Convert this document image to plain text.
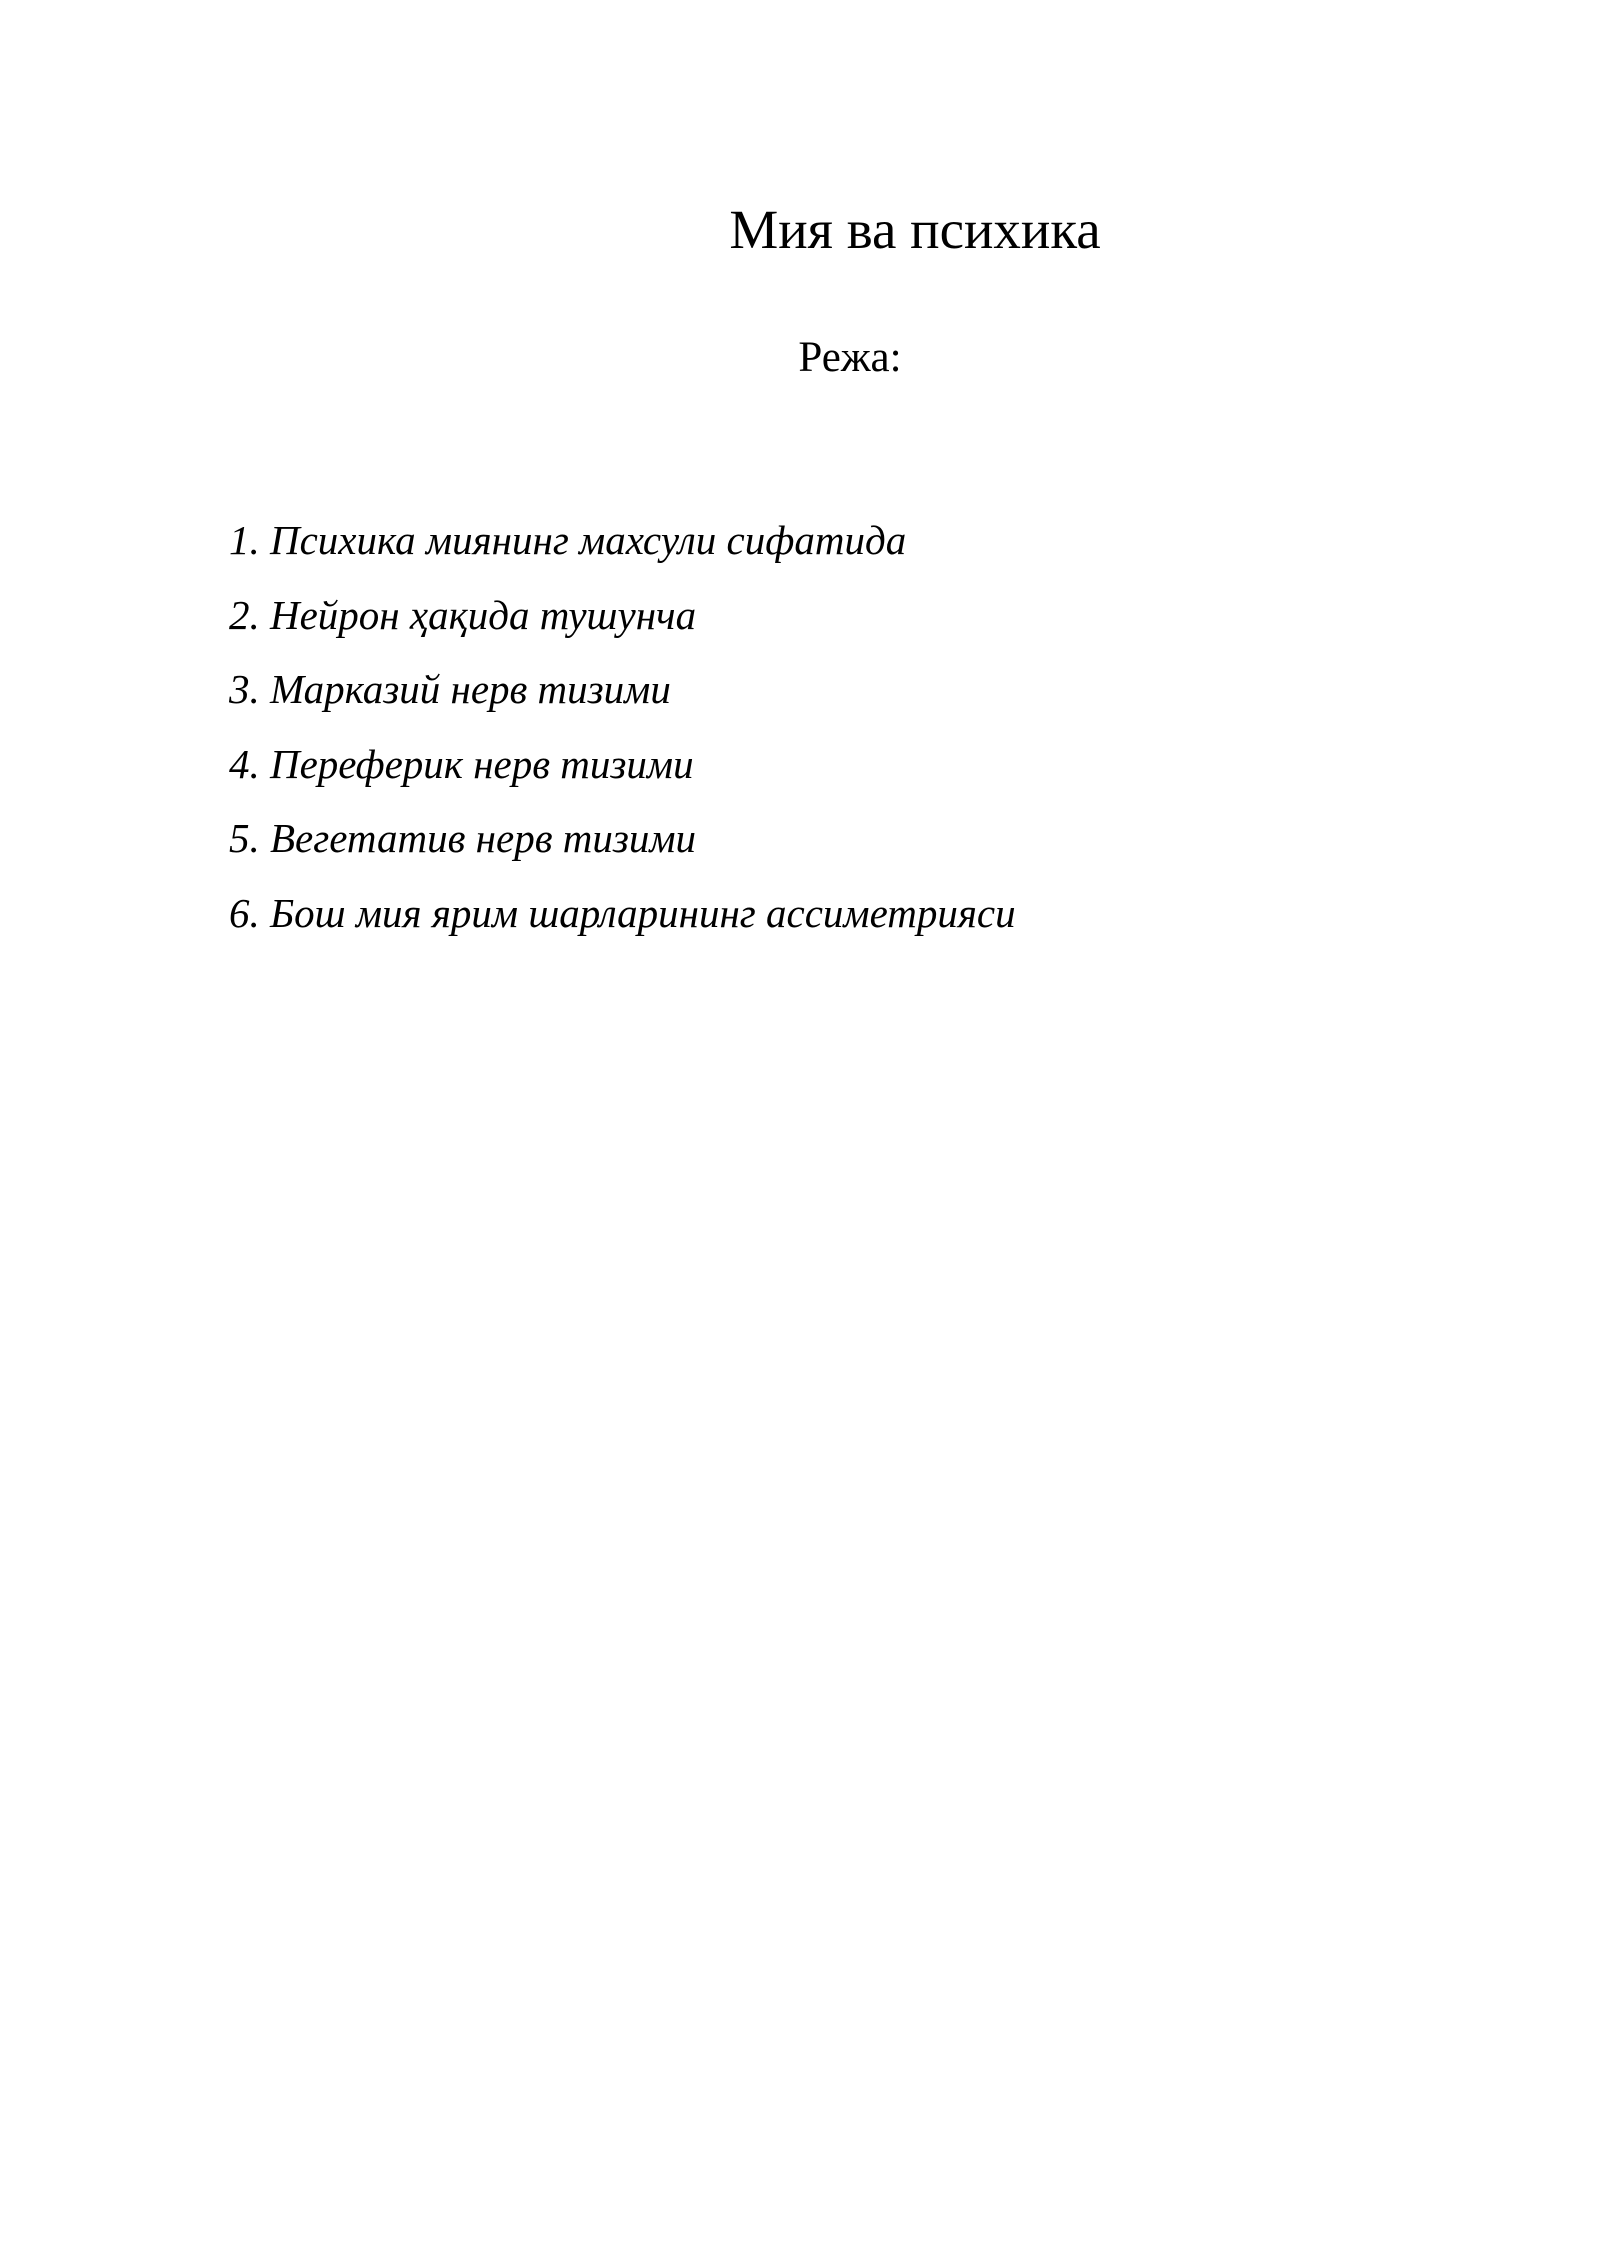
Мия ва психика
Режа:
1. Психика миянинг махсули сифатида
2. Нейрон ҳақида тушунча
3. Марказий нерв тизими
4. Переферик нерв тизими
5. Вегетатив нерв тизими
6. Бош мия ярим шарларининг ассиметрияси
